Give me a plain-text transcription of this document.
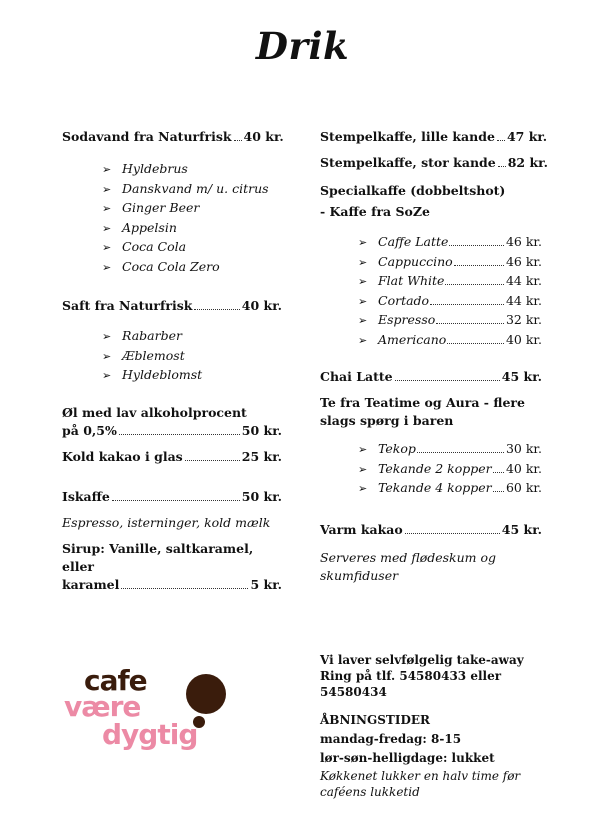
Drik
Sodavand fra Naturfrisk 40 kr.
➢ Hyldebrus
➢ Danskvand m/ u. citrus
➢ Ginger Beer
➢ Appelsin
➢ Coca Cola
➢ Coca Cola Zero
Saft fra Naturfrisk	40 kr.
➢ Rabarber
➢ Æblemost
➢ Hyldeblomst
Øl med lav alkoholprocent
på 0,5%	50 kr.
Kold kakao i glas	25 kr.
Iskaffe	50 kr.
Espresso, isterninger, kold mælk
Sirup: Vanille, saltkaramel, eller
karamel	5 kr.
Stempelkaffe, lille kande 47 kr.
Stempelkaffe, stor kande 82 kr.
Specialkaffe (dobbeltshot)
- Kaffe fra SoZe
➢ Caffe Latte	46 kr.
➢ Cappuccino	46 kr.
➢ Flat White	44 kr.
➢ Cortado	44 kr.
➢ Espresso	32 kr.
➢ Americano	40 kr.
Chai Latte	45 kr.
Te fra Teatime og Aura - flere slags spørg i baren
➢ Tekop	30 kr.
➢ Tekande 2 kopper 40 kr.
➢ Tekande 4 kopper 60 kr.
Varm kakao	45 kr.
Serveres med flødeskum og skumfiduser
cafe
være
dygtig
Vi laver selvfølgelig take-away Ring på tlf. 54580433 eller 54580434
ÅBNINGSTIDER
mandag-fredag: 8-15
lør-søn-helligdage: lukket
Køkkenet lukker en halv time før caféens lukketid
